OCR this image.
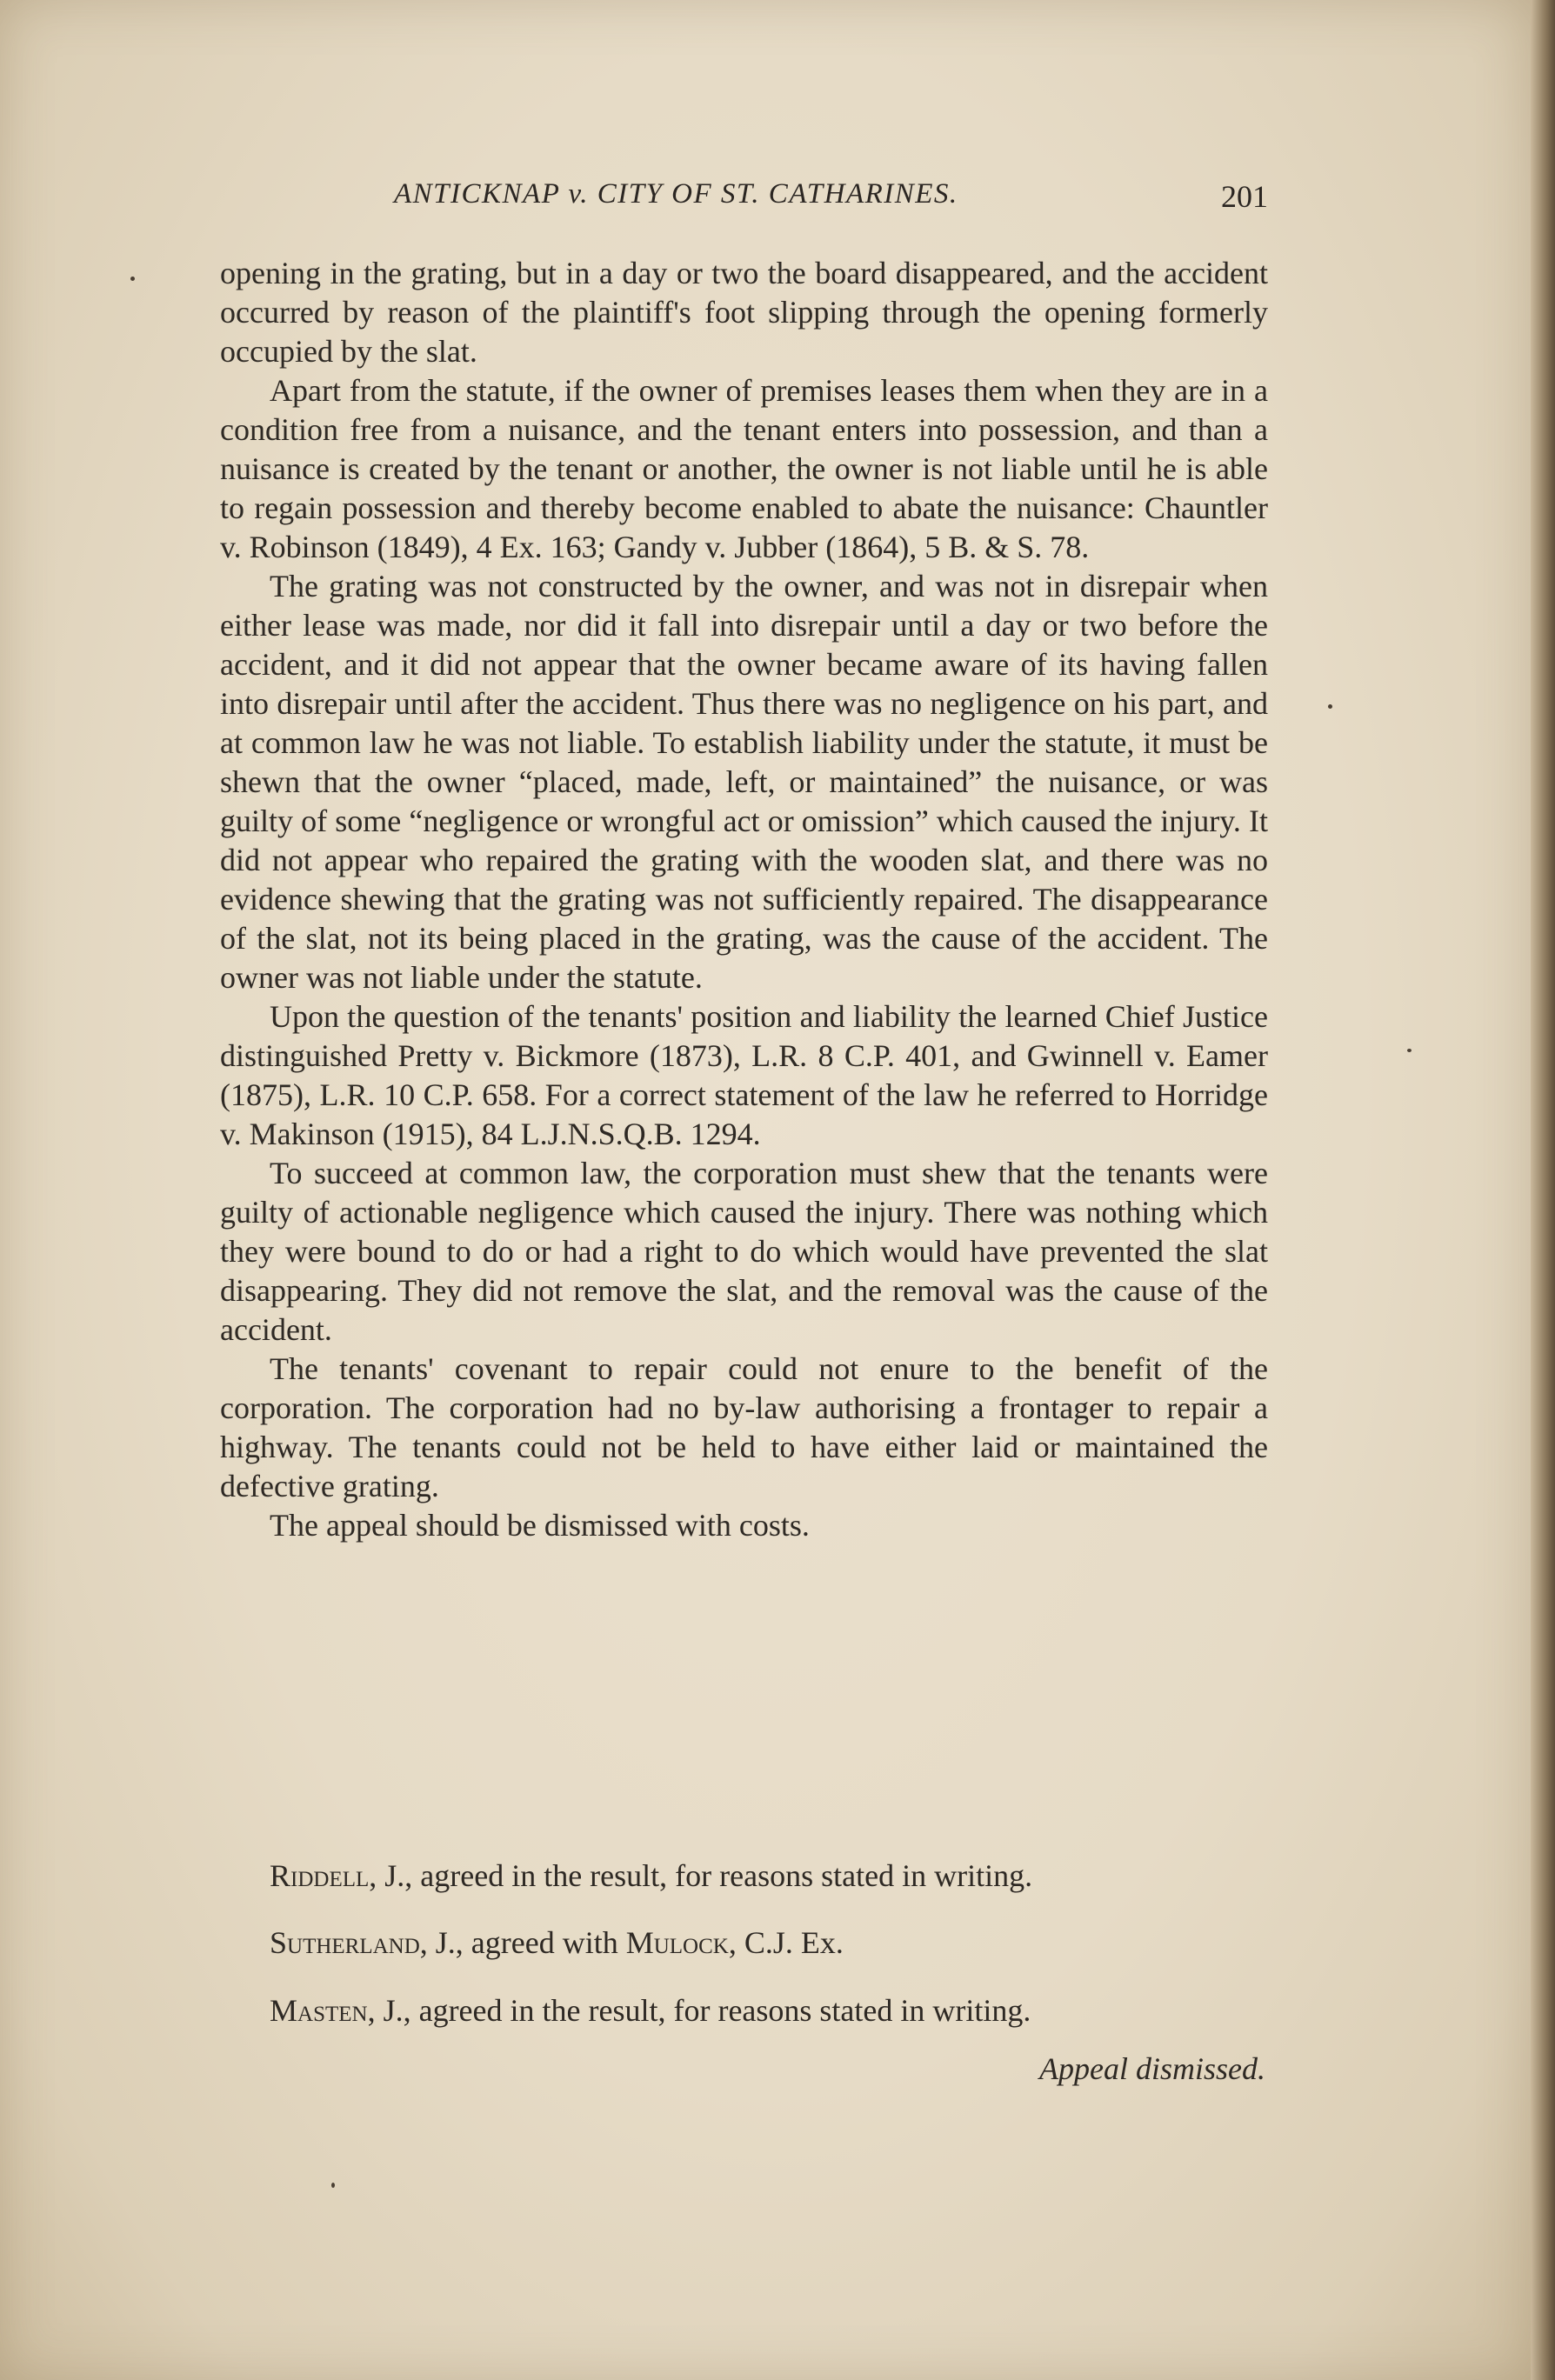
ANTICKNAP v. CITY OF ST. CATHARINES.	201

opening in the grating, but in a day or two the board disappeared, and the accident occurred by reason of the plaintiff's foot slipping through the opening formerly occupied by the slat.

Apart from the statute, if the owner of premises leases them when they are in a condition free from a nuisance, and the tenant enters into possession, and than a nuisance is created by the tenant or another, the owner is not liable until he is able to regain possession and thereby become enabled to abate the nuisance: Chauntler v. Robinson (1849), 4 Ex. 163; Gandy v. Jubber (1864), 5 B. & S. 78.

The grating was not constructed by the owner, and was not in disrepair when either lease was made, nor did it fall into disrepair until a day or two before the accident, and it did not appear that the owner became aware of its having fallen into disrepair until after the accident. Thus there was no negligence on his part, and at common law he was not liable. To establish liability under the statute, it must be shewn that the owner “placed, made, left, or maintained” the nuisance, or was guilty of some “negligence or wrongful act or omission” which caused the injury. It did not appear who repaired the grating with the wooden slat, and there was no evidence shewing that the grating was not sufficiently repaired. The disappearance of the slat, not its being placed in the grating, was the cause of the accident. The owner was not liable under the statute.

Upon the question of the tenants' position and liability the learned Chief Justice distinguished Pretty v. Bickmore (1873), L.R. 8 C.P. 401, and Gwinnell v. Eamer (1875), L.R. 10 C.P. 658. For a correct statement of the law he referred to Horridge v. Makinson (1915), 84 L.J.N.S.Q.B. 1294.

To succeed at common law, the corporation must shew that the tenants were guilty of actionable negligence which caused the injury. There was nothing which they were bound to do or had a right to do which would have prevented the slat disappearing. They did not remove the slat, and the removal was the cause of the accident.

The tenants' covenant to repair could not enure to the benefit of the corporation. The corporation had no by-law authorising a frontager to repair a highway. The tenants could not be held to have either laid or maintained the defective grating.

The appeal should be dismissed with costs.

Riddell, J., agreed in the result, for reasons stated in writing.
Sutherland, J., agreed with Mulock, C.J. Ex.
Masten, J., agreed in the result, for reasons stated in writing.
Appeal dismissed.
